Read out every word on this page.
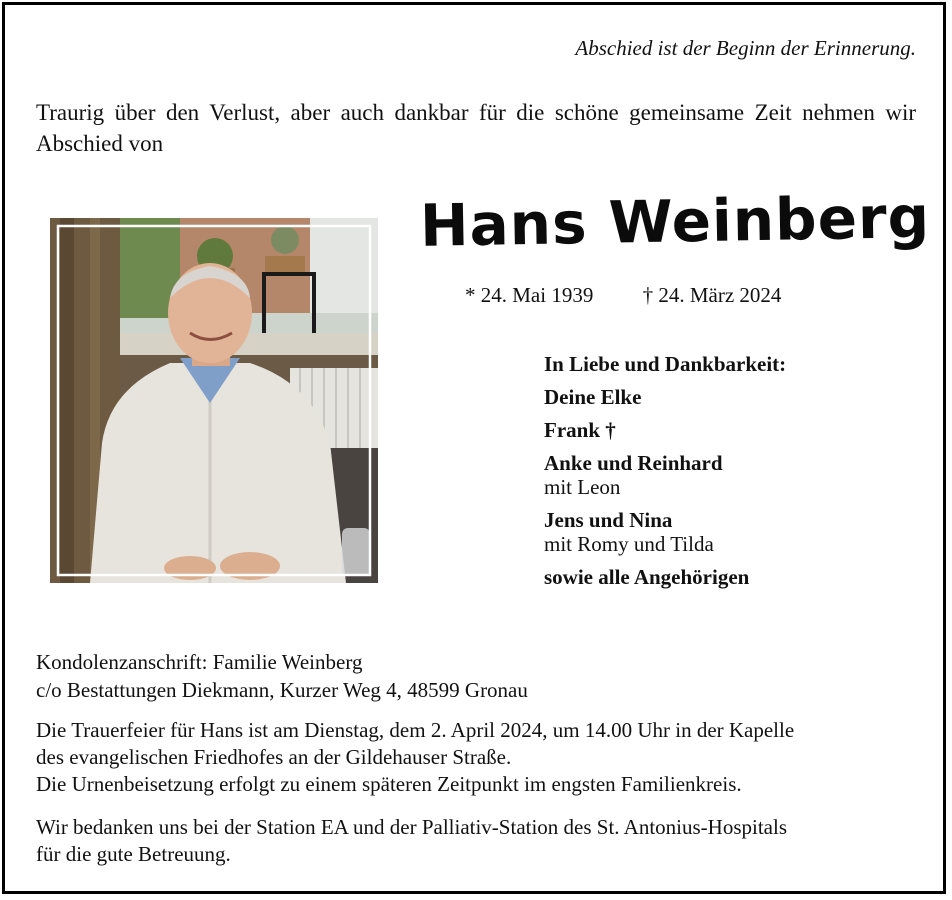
Abschied ist der Beginn der Erinnerung.
Traurig über den Verlust, aber auch dankbar für die schöne gemeinsame Zeit nehmen wir Abschied von
Hans Weinberg
* 24. Mai 1939 † 24. März 2024
In Liebe und Dankbarkeit:
Deine Elke
Frank †
Anke und Reinhard
mit Leon
Jens und Nina
mit Romy und Tilda
sowie alle Angehörigen
Kondolenzanschrift: Familie Weinberg
c/o Bestattungen Diekmann, Kurzer Weg 4, 48599 Gronau
Die Trauerfeier für Hans ist am Dienstag, dem 2. April 2024, um 14.00 Uhr in der Kapelle
des evangelischen Friedhofes an der Gildehauser Straße.
Die Urnenbeisetzung erfolgt zu einem späteren Zeitpunkt im engsten Familienkreis.
Wir bedanken uns bei der Station EA und der Palliativ-Station des St. Antonius-Hospitals
für die gute Betreuung.
